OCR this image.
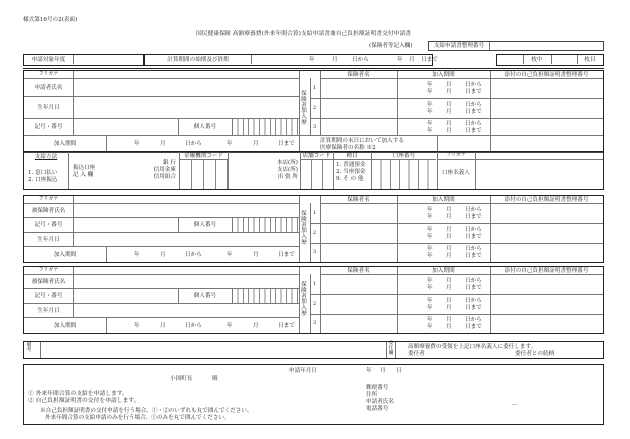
様式第16号の2(表面)
国民健康保険 高額療養費(外来年間合算)支給申請書兼自己負担額証明書交付申請書
(保険者等記入欄)	支給申請書整理番号
申請対象年度	計算期間の始期及び終期	年	月	日から	年 月 日まで	枚中	枚目
フリガナ
申請者氏名
生年月日
記号・番号	個人番号
加入期間	年	月	日から	年	月	日まで
保険者加入歴
保険者名	加入期間	添付の自己負担額証明書整理番号
1	年 月 日から
年 月 日まで
2	年 月 日から
年 月 日まで
3	年 月 日から
年 月 日まで
計算期間の末日において加入する
医療保険者の名称 ※2
支給方法
1. 窓口払い
2. 口座振込
振込口座
記 入 欄
銀 行
信用金庫
信用組合
金融機関コード
本店(所)
支店(所)
出 張 所
店舗コード	種目
1. 普通預金
2. 当座預金
9. そ の 他
口座番号	フリガナ
口座名義人
フリガナ
被保険者氏名
記号・番号	個人番号
生年月日
加入期間	年	月	日から	年	月	日まで
保険者加入歴
保険者名	加入期間	添付の自己負担額証明書整理番号
1	年 月 日から
年 月 日まで
2	年 月 日から
年 月 日まで
3	年 月 日から
年 月 日まで
フリガナ
被保険者氏名
記号・番号	個人番号
生年月日
加入期間	年	月	日から	年	月	日まで
保険者加入歴
保険者名	加入期間	添付の自己負担額証明書整理番号
1	年 月 日から
年 月 日まで
2	年 月 日から
年 月 日まで
3	年 月 日から
年 月 日まで
備考
委任欄
高額療養費の受領を上記口座名義人に委任します。
委任者	委任者との続柄
申請年月日	年 月 日
小国町長	殿
① 外来年間合算の支給を申請します。
② 自己負担額証明書の交付を申請します。
※自己負担額証明書の交付申請を行う場合、①・②のいずれも丸で囲んでください。
外来年間合算の支給申請のみを行う場合、①のみを丸で囲んでください。
郵便番号
住所
申請者氏名	—
電話番号
